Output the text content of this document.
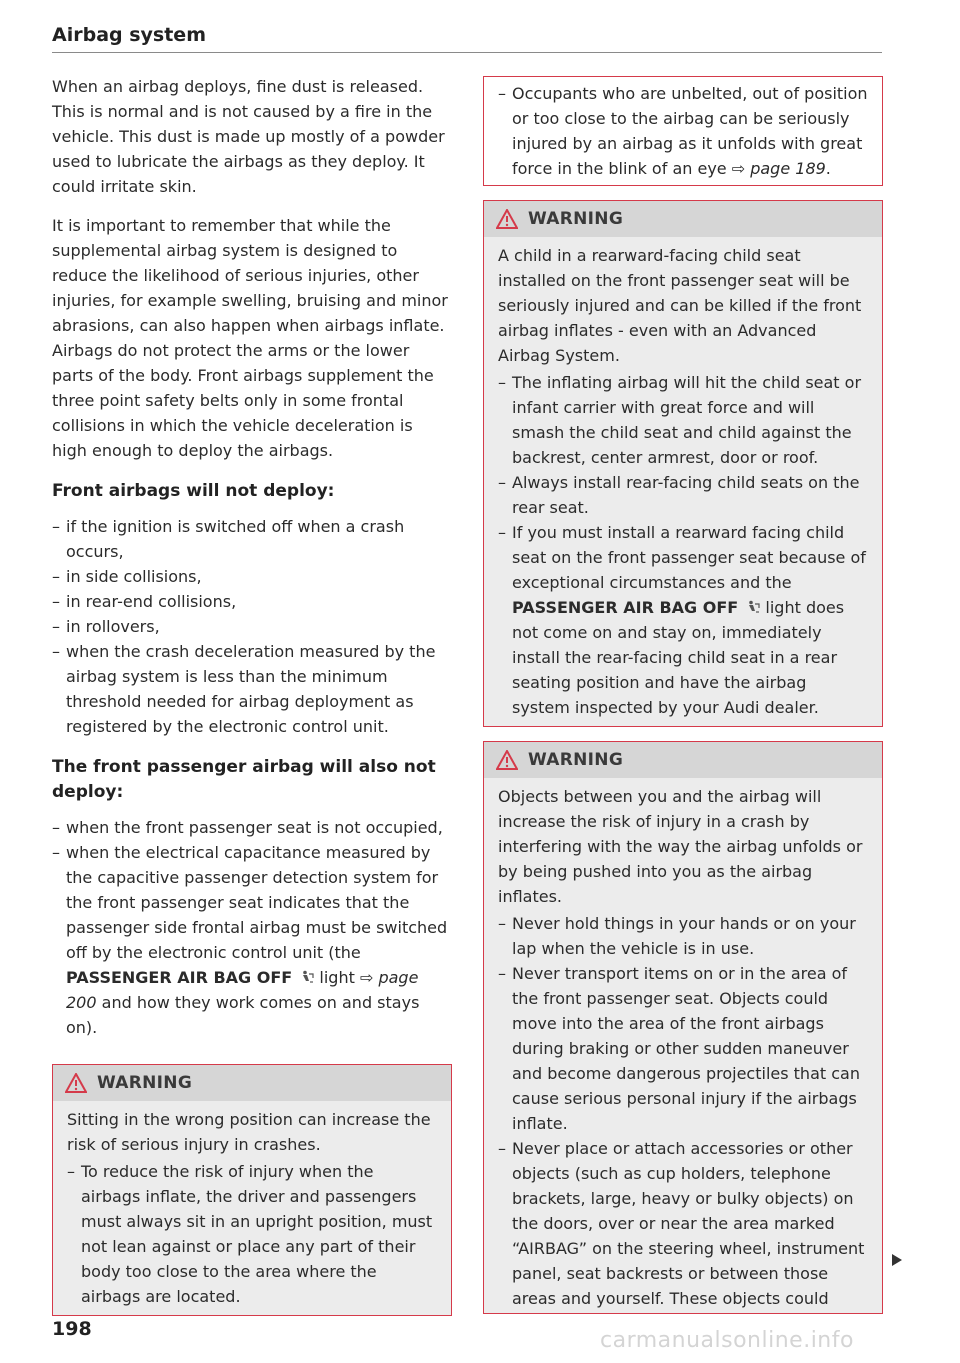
Airbag system

When an airbag deploys, fine dust is released. This is normal and is not caused by a fire in the vehicle. This dust is made up mostly of a powder used to lubricate the airbags as they deploy. It could irritate skin.

It is important to remember that while the supplemental airbag system is designed to reduce the likelihood of serious injuries, other injuries, for example swelling, bruising and minor abrasions, can also happen when airbags inflate. Airbags do not protect the arms or the lower parts of the body. Front airbags supplement the three point safety belts only in some frontal collisions in which the vehicle deceleration is high enough to deploy the airbags.

Front airbags will not deploy:
– if the ignition is switched off when a crash occurs,
– in side collisions,
– in rear-end collisions,
– in rollovers,
– when the crash deceleration measured by the airbag system is less than the minimum threshold needed for airbag deployment as registered by the electronic control unit.
The front passenger airbag will also not deploy:
– when the front passenger seat is not occupied,
– when the electrical capacitance measured by the capacitive passenger detection system for the front passenger seat indicates that the passenger side frontal airbag must be switched off by the electronic control unit (the PASSENGER AIR BAG OFF  light ⇨ page 200 and how they work comes on and stays on).
WARNING

Sitting in the wrong position can increase the risk of serious injury in crashes.

– To reduce the risk of injury when the airbags inflate, the driver and passengers must always sit in an upright position, must not lean against or place any part of their body too close to the area where the airbags are located.
– Occupants who are unbelted, out of position or too close to the airbag can be seriously injured by an airbag as it unfolds with great force in the blink of an eye ⇨ page 189.
WARNING

A child in a rearward-facing child seat installed on the front passenger seat will be seriously injured and can be killed if the front airbag inflates - even with an Advanced Airbag System.

– The inflating airbag will hit the child seat or infant carrier with great force and will smash the child seat and child against the backrest, center armrest, door or roof.
– Always install rear-facing child seats on the rear seat.
– If you must install a rearward facing child seat on the front passenger seat because of exceptional circumstances and the PASSENGER AIR BAG OFF  light does not come on and stay on, immediately install the rear-facing child seat in a rear seating position and have the airbag system inspected by your Audi dealer.
WARNING

Objects between you and the airbag will increase the risk of injury in a crash by interfering with the way the airbag unfolds or by being pushed into you as the airbag inflates.

– Never hold things in your hands or on your lap when the vehicle is in use.
– Never transport items on or in the area of the front passenger seat. Objects could move into the area of the front airbags during braking or other sudden maneuver and become dangerous projectiles that can cause serious personal injury if the airbags inflate.
– Never place or attach accessories or other objects (such as cup holders, telephone brackets, large, heavy or bulky objects) on the doors, over or near the area marked “AIRBAG” on the steering wheel, instrument panel, seat backrests or between those areas and yourself. These objects could
198	carmanualsonline.info
